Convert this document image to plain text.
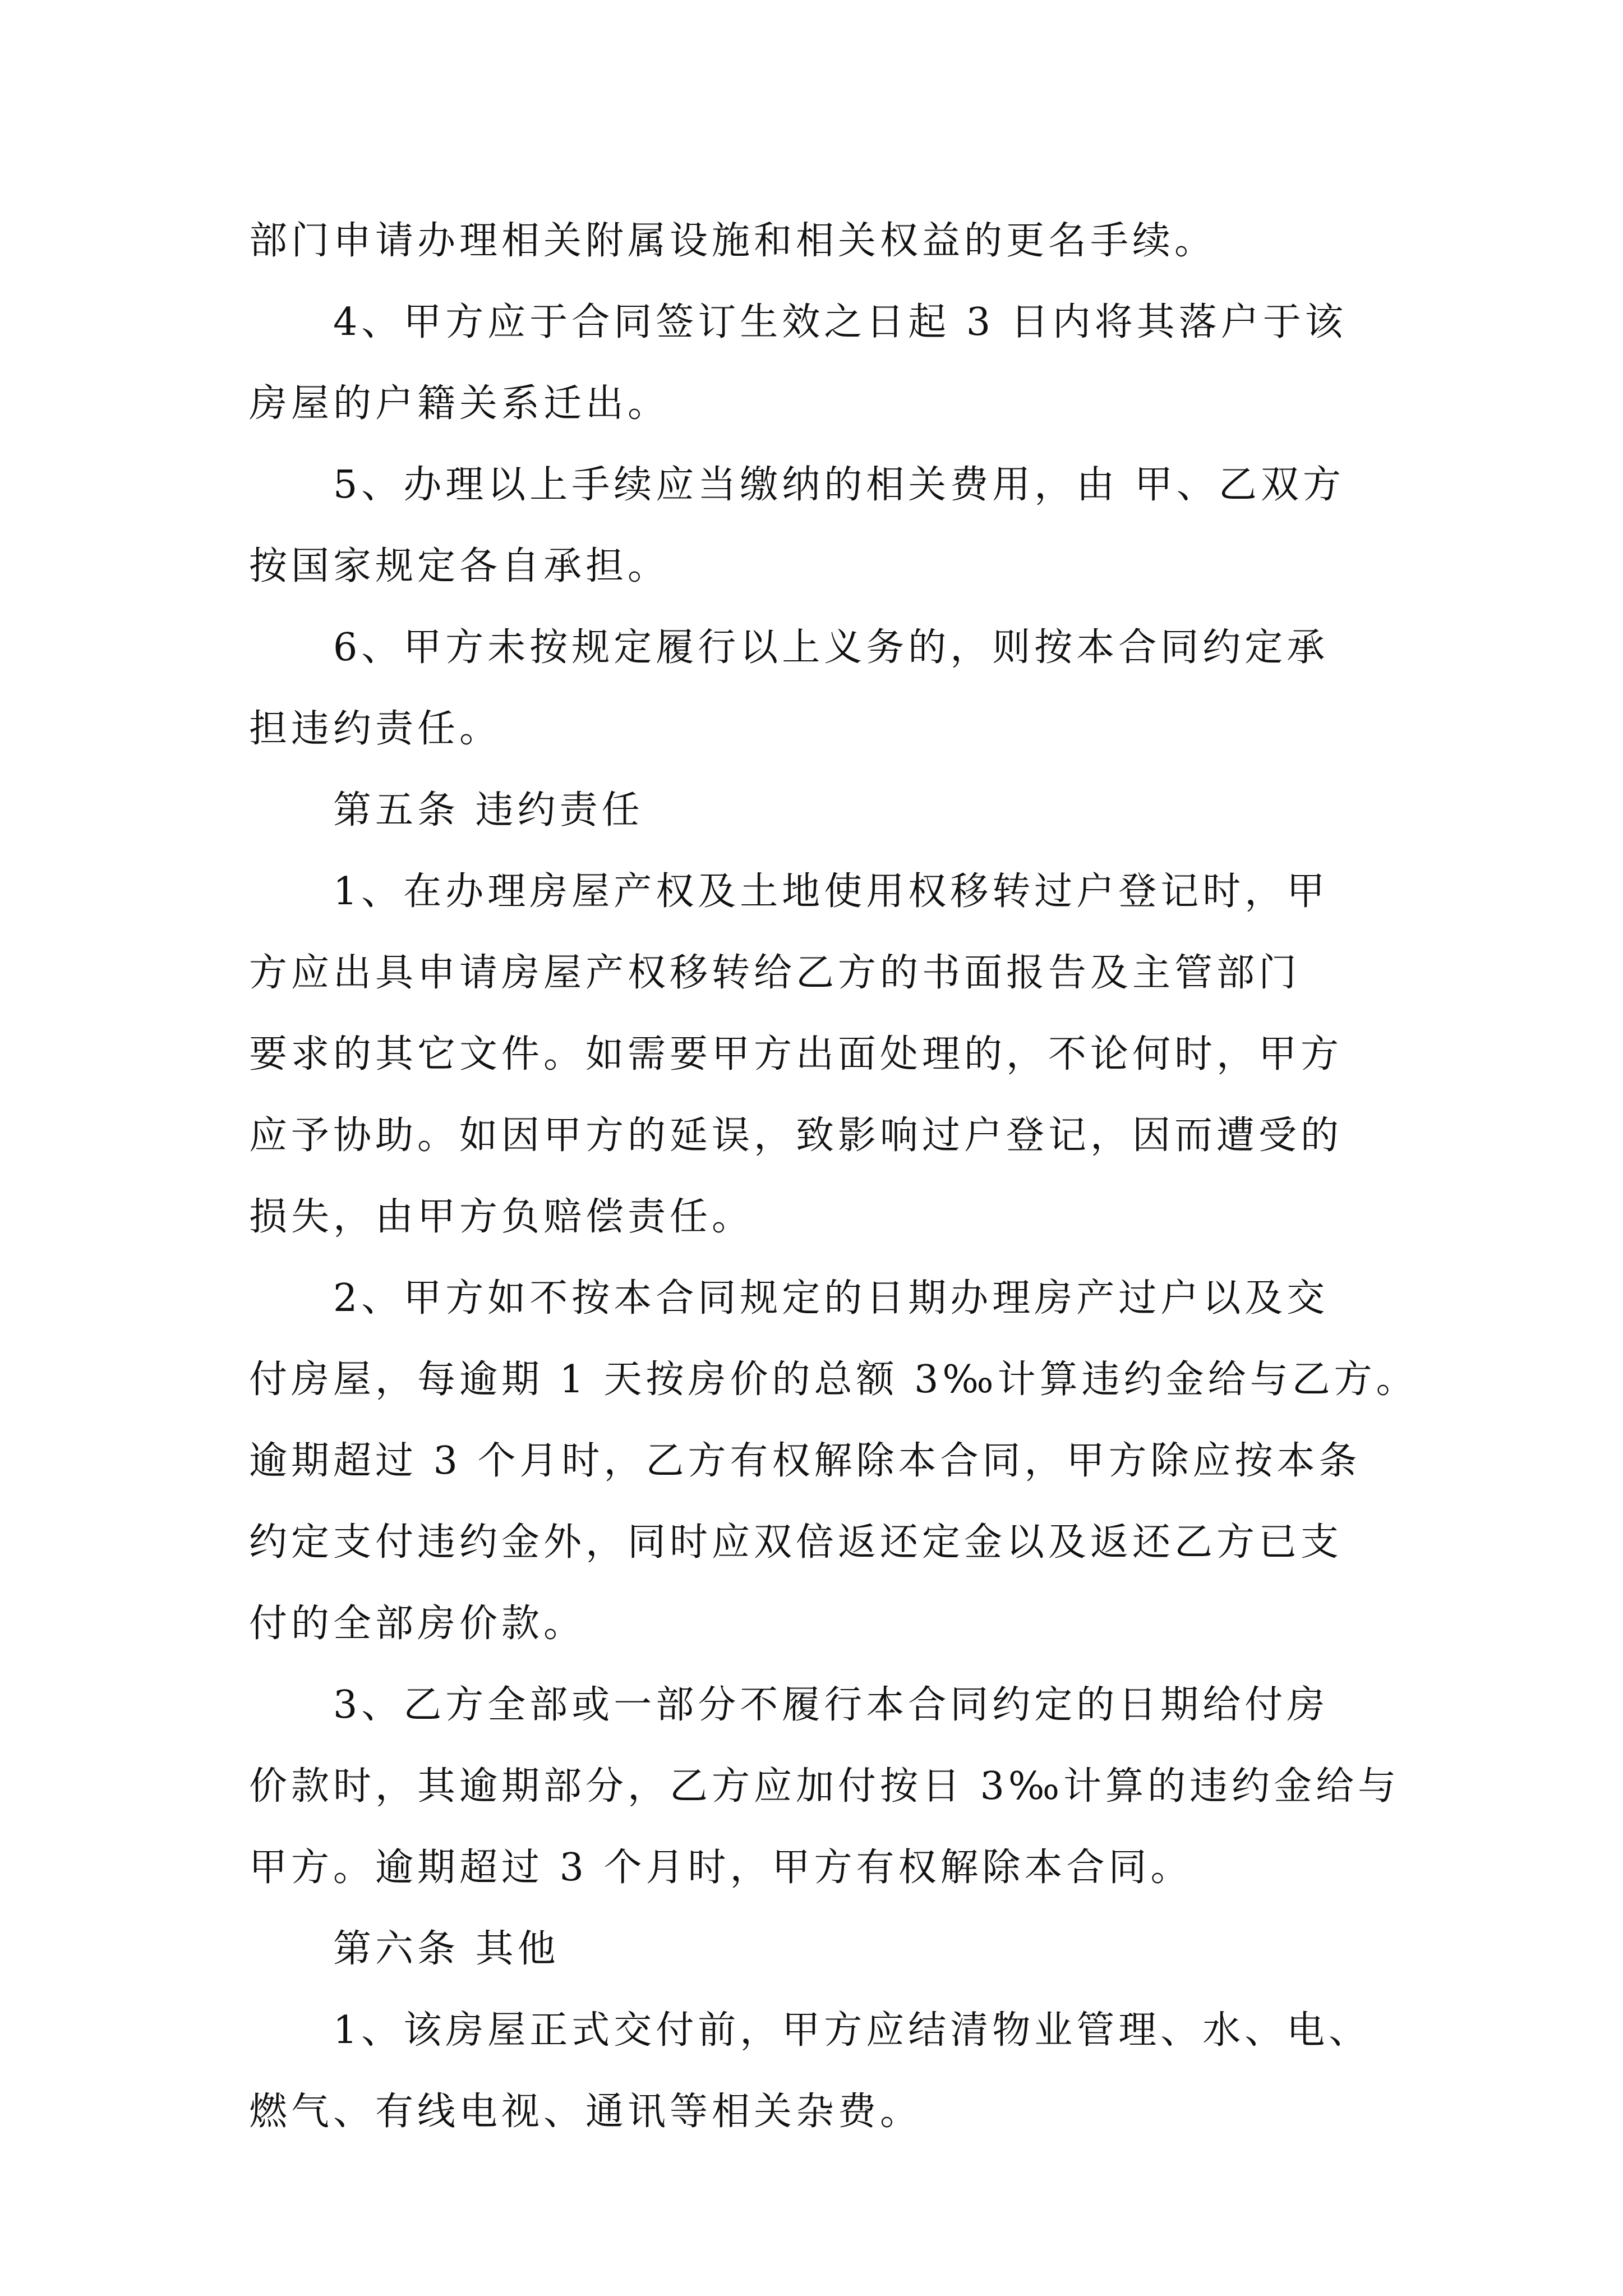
部门申请办理相关附属设施和相关权益的更名手续。
4、甲方应于合同签订生效之日起 3 日内将其落户于该
房屋的户籍关系迁出。
5、办理以上手续应当缴纳的相关费用，由 甲、乙双方
按国家规定各自承担。
6、甲方未按规定履行以上义务的，则按本合同约定承
担违约责任。
第五条 违约责任
1、在办理房屋产权及土地使用权移转过户登记时，甲
方应出具申请房屋产权移转给乙方的书面报告及主管部门
要求的其它文件。如需要甲方出面处理的，不论何时，甲方
应予协助。如因甲方的延误，致影响过户登记，因而遭受的
损失，由甲方负赔偿责任。
2、甲方如不按本合同规定的日期办理房产过户以及交
付房屋，每逾期 1 天按房价的总额 3‰计算违约金给与乙方。
逾期超过 3 个月时，乙方有权解除本合同，甲方除应按本条
约定支付违约金外，同时应双倍返还定金以及返还乙方已支
付的全部房价款。
3、乙方全部或一部分不履行本合同约定的日期给付房
价款时，其逾期部分，乙方应加付按日 3‰计算的违约金给与
甲方。逾期超过 3 个月时，甲方有权解除本合同。
第六条 其他
1、该房屋正式交付前，甲方应结清物业管理、水、电、
燃气、有线电视、通讯等相关杂费。
